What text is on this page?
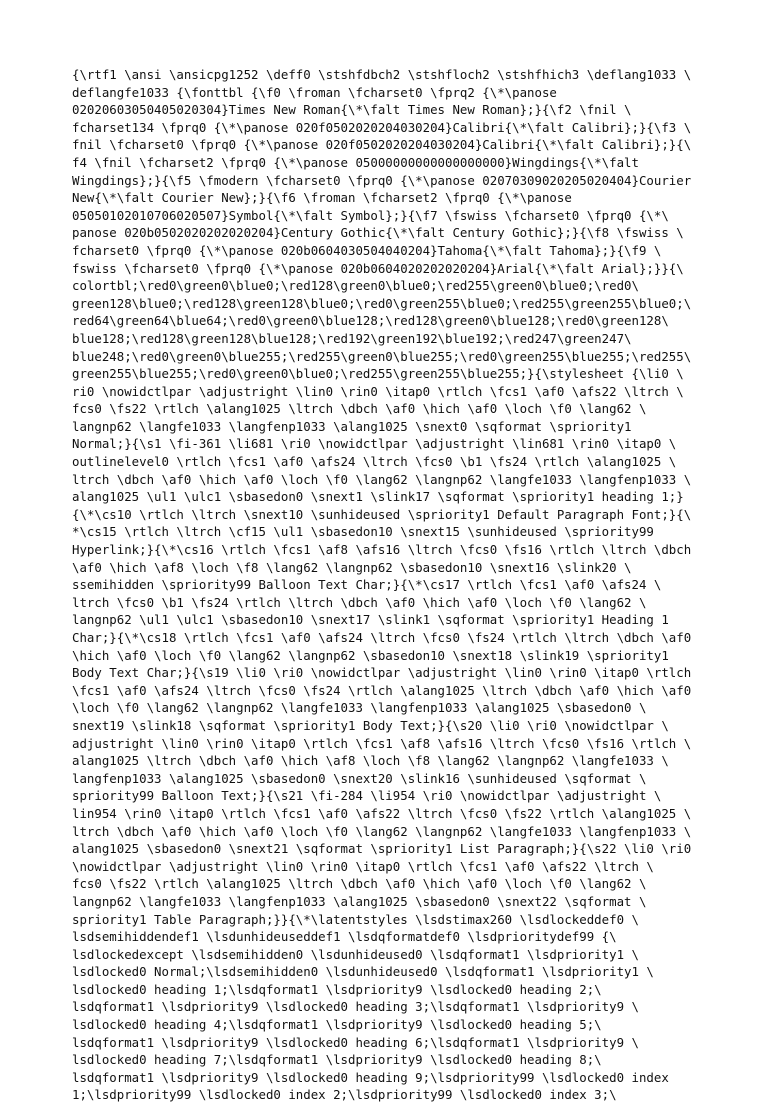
{\rtf1 \ansi \ansicpg1252 \deff0 \stshfdbch2 \stshfloch2 \stshfhich3 \deflang1033 \
deflangfe1033 {\fonttbl {\f0 \froman \fcharset0 \fprq2 {\*\panose
02020603050405020304}Times New Roman{\*\falt Times New Roman};}{\f2 \fnil \
fcharset134 \fprq0 {\*\panose 020f0502020204030204}Calibri{\*\falt Calibri};}{\f3 \
fnil \fcharset0 \fprq0 {\*\panose 020f0502020204030204}Calibri{\*\falt Calibri};}{\
f4 \fnil \fcharset2 \fprq0 {\*\panose 05000000000000000000}Wingdings{\*\falt
Wingdings};}{\f5 \fmodern \fcharset0 \fprq0 {\*\panose 02070309020205020404}Courier
New{\*\falt Courier New};}{\f6 \froman \fcharset2 \fprq0 {\*\panose
05050102010706020507}Symbol{\*\falt Symbol};}{\f7 \fswiss \fcharset0 \fprq0 {\*\
panose 020b0502020202020204}Century Gothic{\*\falt Century Gothic};}{\f8 \fswiss \
fcharset0 \fprq0 {\*\panose 020b0604030504040204}Tahoma{\*\falt Tahoma};}{\f9 \
fswiss \fcharset0 \fprq0 {\*\panose 020b0604020202020204}Arial{\*\falt Arial};}}{\
colortbl;\red0\green0\blue0;\red128\green0\blue0;\red255\green0\blue0;\red0\
green128\blue0;\red128\green128\blue0;\red0\green255\blue0;\red255\green255\blue0;\
red64\green64\blue64;\red0\green0\blue128;\red128\green0\blue128;\red0\green128\
blue128;\red128\green128\blue128;\red192\green192\blue192;\red247\green247\
blue248;\red0\green0\blue255;\red255\green0\blue255;\red0\green255\blue255;\red255\
green255\blue255;\red0\green0\blue0;\red255\green255\blue255;}{\stylesheet {\li0 \
ri0 \nowidctlpar \adjustright \lin0 \rin0 \itap0 \rtlch \fcs1 \af0 \afs22 \ltrch \
fcs0 \fs22 \rtlch \alang1025 \ltrch \dbch \af0 \hich \af0 \loch \f0 \lang62 \
langnp62 \langfe1033 \langfenp1033 \alang1025 \snext0 \sqformat \spriority1
Normal;}{\s1 \fi-361 \li681 \ri0 \nowidctlpar \adjustright \lin681 \rin0 \itap0 \
outlinelevel0 \rtlch \fcs1 \af0 \afs24 \ltrch \fcs0 \b1 \fs24 \rtlch \alang1025 \
ltrch \dbch \af0 \hich \af0 \loch \f0 \lang62 \langnp62 \langfe1033 \langfenp1033 \
alang1025 \ul1 \ulc1 \sbasedon0 \snext1 \slink17 \sqformat \spriority1 heading 1;}
{\*\cs10 \rtlch \ltrch \snext10 \sunhideused \spriority1 Default Paragraph Font;}{\
*\cs15 \rtlch \ltrch \cf15 \ul1 \sbasedon10 \snext15 \sunhideused \spriority99
Hyperlink;}{\*\cs16 \rtlch \fcs1 \af8 \afs16 \ltrch \fcs0 \fs16 \rtlch \ltrch \dbch
\af0 \hich \af8 \loch \f8 \lang62 \langnp62 \sbasedon10 \snext16 \slink20 \
ssemihidden \spriority99 Balloon Text Char;}{\*\cs17 \rtlch \fcs1 \af0 \afs24 \
ltrch \fcs0 \b1 \fs24 \rtlch \ltrch \dbch \af0 \hich \af0 \loch \f0 \lang62 \
langnp62 \ul1 \ulc1 \sbasedon10 \snext17 \slink1 \sqformat \spriority1 Heading 1
Char;}{\*\cs18 \rtlch \fcs1 \af0 \afs24 \ltrch \fcs0 \fs24 \rtlch \ltrch \dbch \af0
\hich \af0 \loch \f0 \lang62 \langnp62 \sbasedon10 \snext18 \slink19 \spriority1
Body Text Char;}{\s19 \li0 \ri0 \nowidctlpar \adjustright \lin0 \rin0 \itap0 \rtlch
\fcs1 \af0 \afs24 \ltrch \fcs0 \fs24 \rtlch \alang1025 \ltrch \dbch \af0 \hich \af0
\loch \f0 \lang62 \langnp62 \langfe1033 \langfenp1033 \alang1025 \sbasedon0 \
snext19 \slink18 \sqformat \spriority1 Body Text;}{\s20 \li0 \ri0 \nowidctlpar \
adjustright \lin0 \rin0 \itap0 \rtlch \fcs1 \af8 \afs16 \ltrch \fcs0 \fs16 \rtlch \
alang1025 \ltrch \dbch \af0 \hich \af8 \loch \f8 \lang62 \langnp62 \langfe1033 \
langfenp1033 \alang1025 \sbasedon0 \snext20 \slink16 \sunhideused \sqformat \
spriority99 Balloon Text;}{\s21 \fi-284 \li954 \ri0 \nowidctlpar \adjustright \
lin954 \rin0 \itap0 \rtlch \fcs1 \af0 \afs22 \ltrch \fcs0 \fs22 \rtlch \alang1025 \
ltrch \dbch \af0 \hich \af0 \loch \f0 \lang62 \langnp62 \langfe1033 \langfenp1033 \
alang1025 \sbasedon0 \snext21 \sqformat \spriority1 List Paragraph;}{\s22 \li0 \ri0
\nowidctlpar \adjustright \lin0 \rin0 \itap0 \rtlch \fcs1 \af0 \afs22 \ltrch \
fcs0 \fs22 \rtlch \alang1025 \ltrch \dbch \af0 \hich \af0 \loch \f0 \lang62 \
langnp62 \langfe1033 \langfenp1033 \alang1025 \sbasedon0 \snext22 \sqformat \
spriority1 Table Paragraph;}}{\*\latentstyles \lsdstimax260 \lsdlockeddef0 \
lsdsemihiddendef1 \lsdunhideuseddef1 \lsdqformatdef0 \lsdprioritydef99 {\
lsdlockedexcept \lsdsemihidden0 \lsdunhideused0 \lsdqformat1 \lsdpriority1 \
lsdlocked0 Normal;\lsdsemihidden0 \lsdunhideused0 \lsdqformat1 \lsdpriority1 \
lsdlocked0 heading 1;\lsdqformat1 \lsdpriority9 \lsdlocked0 heading 2;\
lsdqformat1 \lsdpriority9 \lsdlocked0 heading 3;\lsdqformat1 \lsdpriority9 \
lsdlocked0 heading 4;\lsdqformat1 \lsdpriority9 \lsdlocked0 heading 5;\
lsdqformat1 \lsdpriority9 \lsdlocked0 heading 6;\lsdqformat1 \lsdpriority9 \
lsdlocked0 heading 7;\lsdqformat1 \lsdpriority9 \lsdlocked0 heading 8;\
lsdqformat1 \lsdpriority9 \lsdlocked0 heading 9;\lsdpriority99 \lsdlocked0 index
1;\lsdpriority99 \lsdlocked0 index 2;\lsdpriority99 \lsdlocked0 index 3;\
